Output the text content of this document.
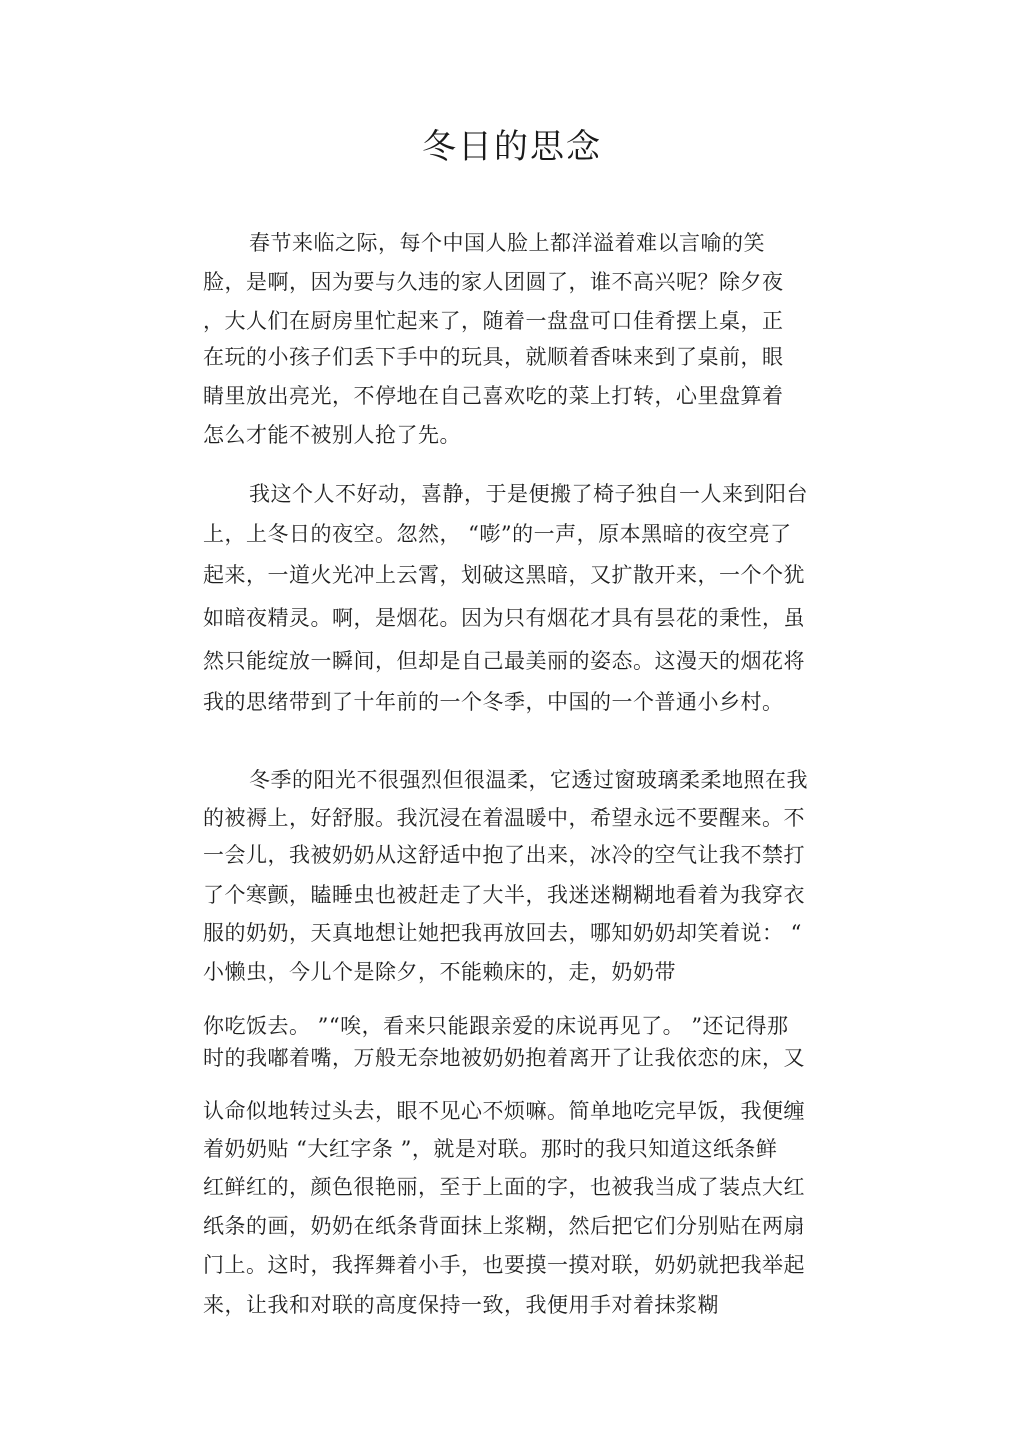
冬日的思念
春节来临之际，每个中国人脸上都洋溢着难以言喻的笑
脸，是啊，因为要与久违的家人团圆了，谁不高兴呢？除夕夜
，大人们在厨房里忙起来了，随着一盘盘可口佳肴摆上桌，正
在玩的小孩子们丢下手中的玩具，就顺着香味来到了桌前，眼
睛里放出亮光，不停地在自己喜欢吃的菜上打转，心里盘算着
怎么才能不被别人抢了先。
我这个人不好动，喜静，于是便搬了椅子独自一人来到阳台
上，上冬日的夜空。忽然， “嘭”的一声，原本黑暗的夜空亮了
起来，一道火光冲上云霄，划破这黑暗，又扩散开来，一个个犹
如暗夜精灵。啊，是烟花。因为只有烟花才具有昙花的秉性，虽
然只能绽放一瞬间，但却是自己最美丽的姿态。这漫天的烟花将
我的思绪带到了十年前的一个冬季，中国的一个普通小乡村。
冬季的阳光不很强烈但很温柔，它透过窗玻璃柔柔地照在我
的被褥上，好舒服。我沉浸在着温暖中，希望永远不要醒来。不
一会儿，我被奶奶从这舒适中抱了出来，冰冷的空气让我不禁打
了个寒颤，瞌睡虫也被赶走了大半，我迷迷糊糊地看着为我穿衣
服的奶奶，天真地想让她把我再放回去，哪知奶奶却笑着说： “
小懒虫，今儿个是除夕，不能赖床的，走，奶奶带
你吃饭去。 ”“唉，看来只能跟亲爱的床说再见了。 ”还记得那
时的我嘟着嘴，万般无奈地被奶奶抱着离开了让我依恋的床，又
认命似地转过头去，眼不见心不烦嘛。简单地吃完早饭，我便缠
着奶奶贴 “大红字条 ”，就是对联。那时的我只知道这纸条鲜
红鲜红的，颜色很艳丽，至于上面的字，也被我当成了装点大红
纸条的画，奶奶在纸条背面抹上浆糊，然后把它们分别贴在两扇
门上。这时，我挥舞着小手，也要摸一摸对联，奶奶就把我举起
来，让我和对联的高度保持一致，我便用手对着抹浆糊
